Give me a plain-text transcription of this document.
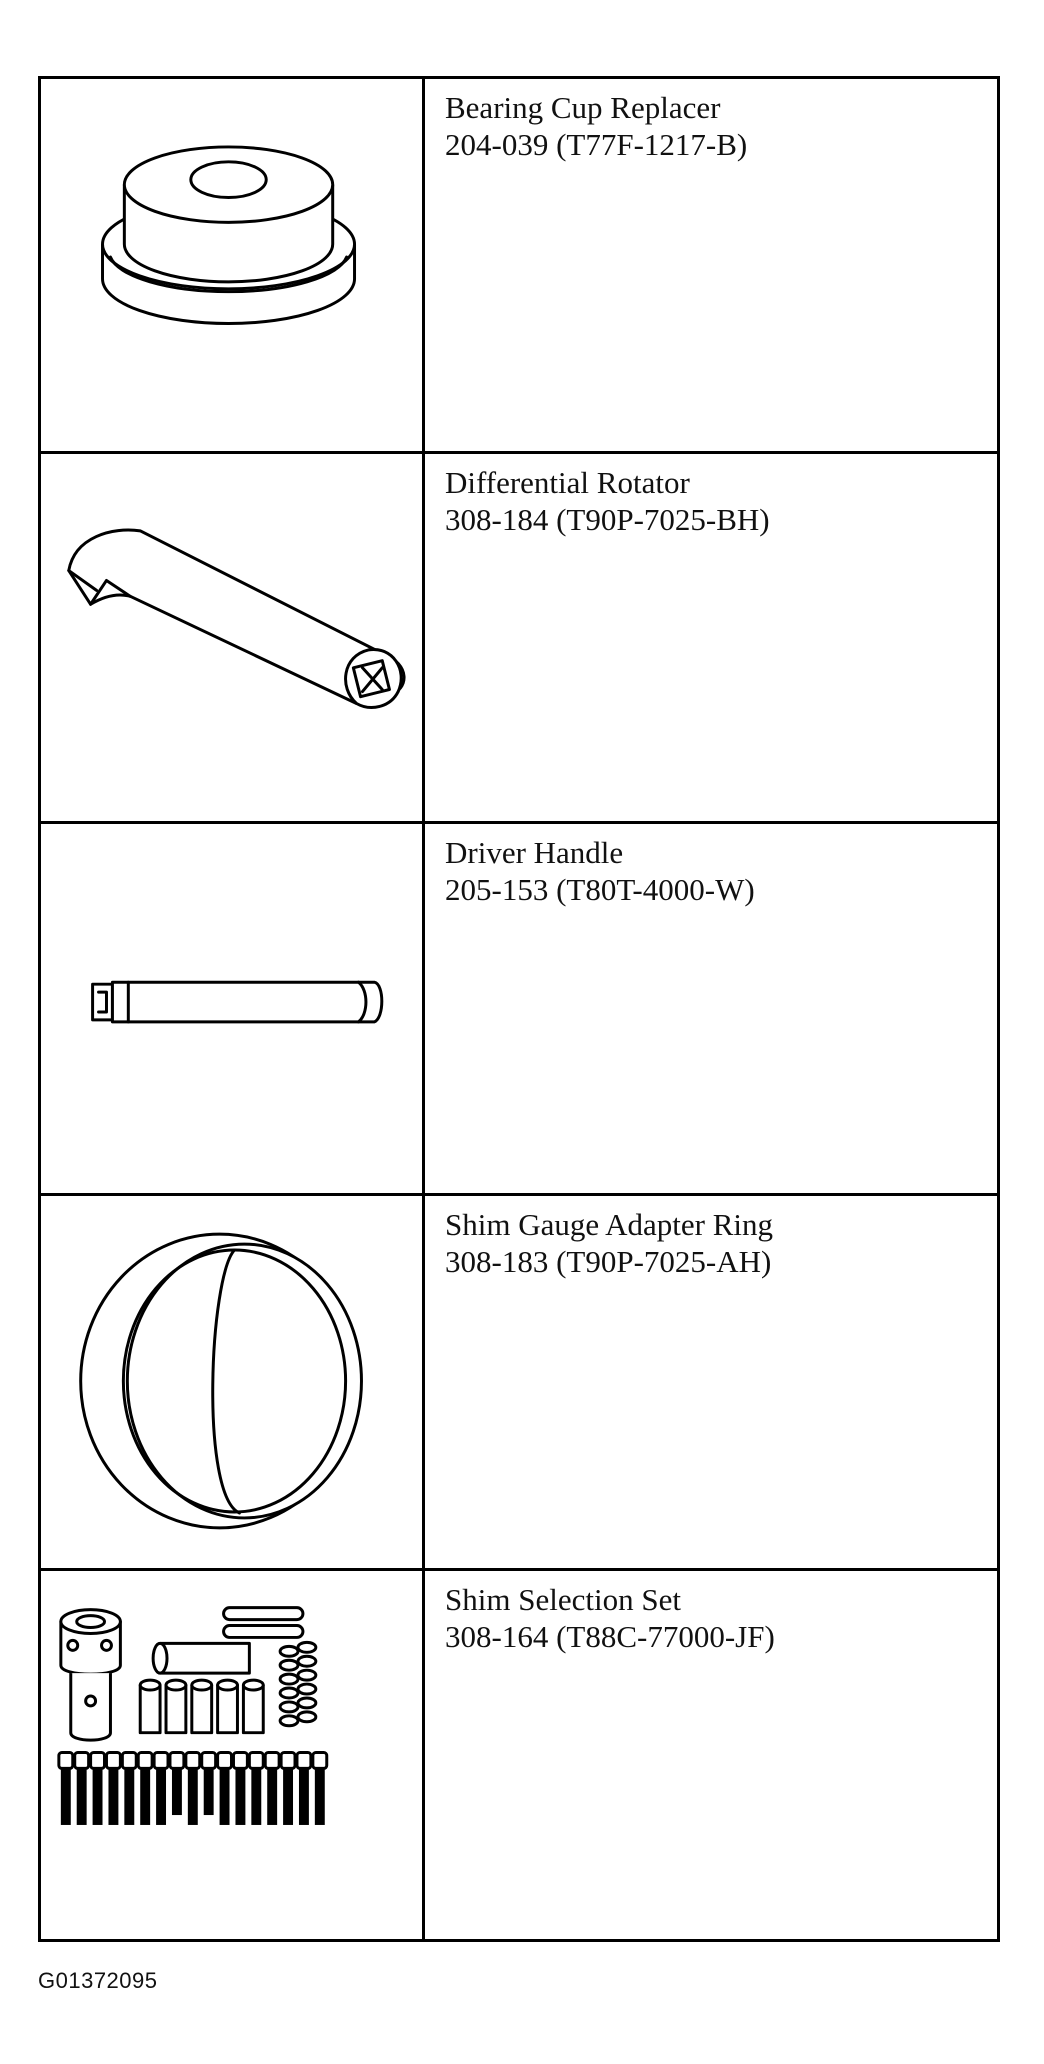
Bearing Cup Replacer
204-039 (T77F-1217-B)
Differential Rotator
308-184 (T90P-7025-BH)
Driver Handle
205-153 (T80T-4000-W)
Shim Gauge Adapter Ring
308-183 (T90P-7025-AH)
Shim Selection Set
308-164 (T88C-77000-JF)
G01372095
